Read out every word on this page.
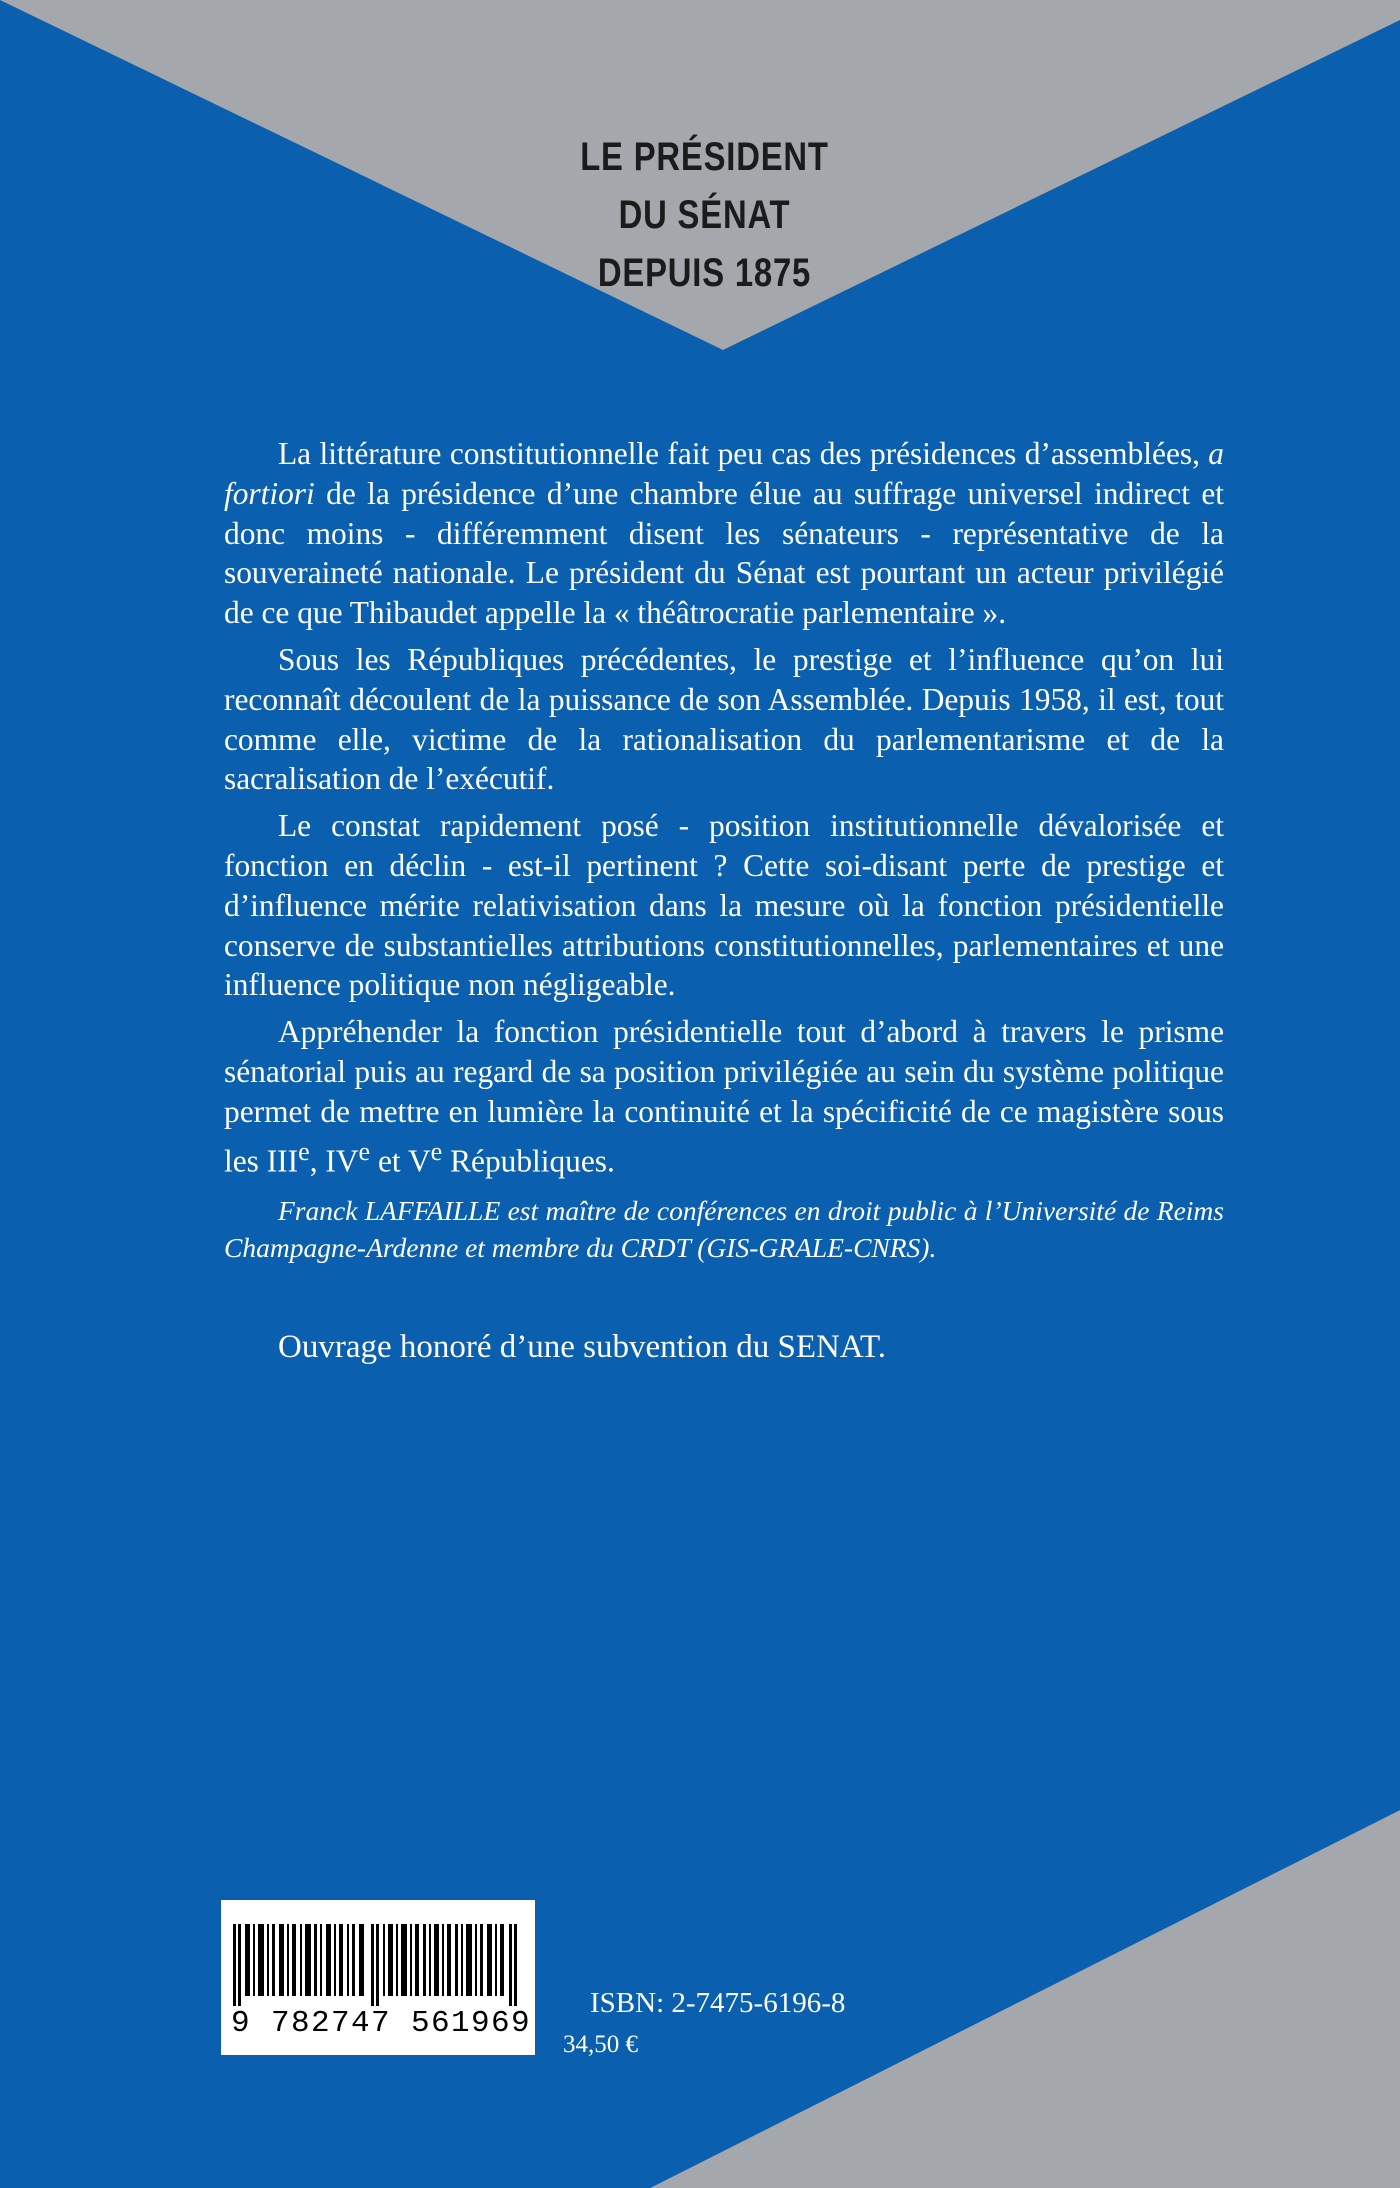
LE PRÉSIDENT
DU SÉNAT
DEPUIS 1875

La littérature constitutionnelle fait peu cas des présidences d’assemblées, a fortiori de la présidence d’une chambre élue au suffrage universel indirect et donc moins - différemment disent les sénateurs - représentative de la souveraineté nationale. Le président du Sénat est pourtant un acteur privilégié de ce que Thibaudet appelle la « théâtrocratie parlementaire ».

Sous les Républiques précédentes, le prestige et l’influence qu’on lui reconnaît découlent de la puissance de son Assemblée. Depuis 1958, il est, tout comme elle, victime de la rationalisation du parlementarisme et de la sacralisation de l’exécutif.

Le constat rapidement posé - position institutionnelle dévalorisée et fonction en déclin - est-il pertinent ? Cette soi-disant perte de prestige et d’influence mérite relativisation dans la mesure où la fonction présidentielle conserve de substantielles attributions constitutionnelles, parlementaires et une influence politique non négligeable.

Appréhender la fonction présidentielle tout d’abord à travers le prisme sénatorial puis au regard de sa position privilégiée au sein du système politique permet de mettre en lumière la continuité et la spécificité de ce magistère sous les IIIe, IVe et Ve Républiques.

Franck LAFFAILLE est maître de conférences en droit public à l’Université de Reims Champagne-Ardenne et membre du CRDT (GIS-GRALE-CNRS).
Ouvrage honoré d’une subvention du SENAT.
9 782747 561969
ISBN: 2-7475-6196-8
34,50 €
